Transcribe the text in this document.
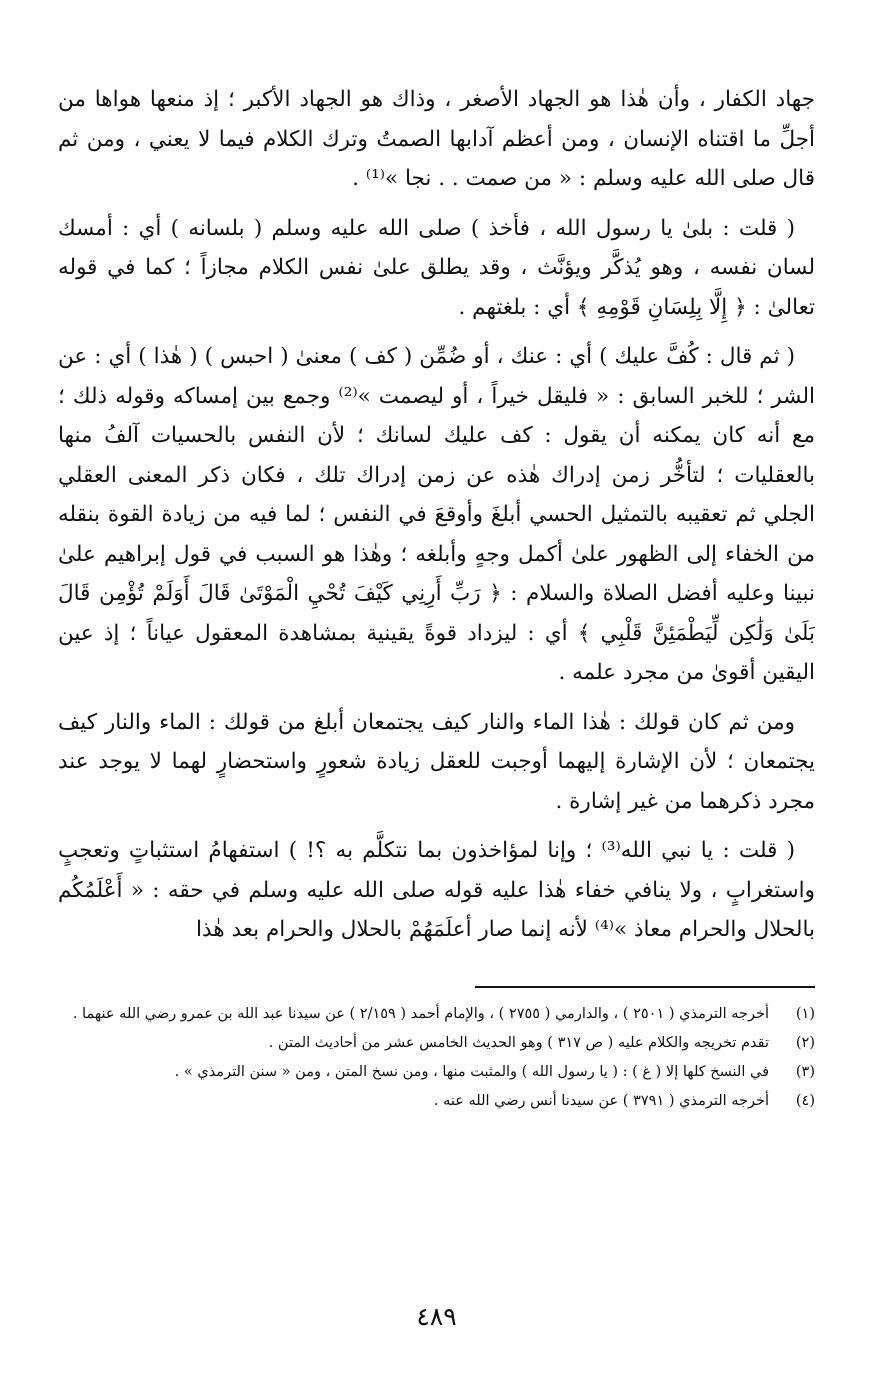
جهاد الكفار ، وأن هٰذا هو الجهاد الأصغر ، وذاك هو الجهاد الأكبر ؛ إذ منعها هواها من أجلِّ ما اقتناه الإنسان ، ومن أعظم آدابها الصمتُ وترك الكلام فيما لا يعني ، ومن ثم قال صلى الله عليه وسلم : « من صمت . . نجا »⁽¹⁾ .

( قلت : بلىٰ يا رسول الله ، فأخذ ) صلى الله عليه وسلم ( بلسانه ) أي : أمسك لسان نفسه ، وهو يُذكَّر ويؤنَّث ، وقد يطلق علىٰ نفس الكلام مجازاً ؛ كما في قوله تعالىٰ : ﴿ إِلَّا بِلِسَانِ قَوْمِهِ ﴾ أي : بلغتهم .

( ثم قال : كُفَّ عليك ) أي : عنك ، أو ضُمِّن ( كف ) معنىٰ ( احبس ) ( هٰذا ) أي : عن الشر ؛ للخبر السابق : « فليقل خيراً ، أو ليصمت »⁽²⁾ وجمع بين إمساكه وقوله ذلك ؛ مع أنه كان يمكنه أن يقول : كف عليك لسانك ؛ لأن النفس بالحسيات آلفُ منها بالعقليات ؛ لتأخُّر زمن إدراك هٰذه عن زمن إدراك تلك ، فكان ذكر المعنى العقلي الجلي ثم تعقيبه بالتمثيل الحسي أبلغَ وأوقعَ في النفس ؛ لما فيه من زيادة القوة بنقله من الخفاء إلى الظهور علىٰ أكمل وجهٍ وأبلغه ؛ وهٰذا هو السبب في قول إبراهيم علىٰ نبينا وعليه أفضل الصلاة والسلام : ﴿ رَبِّ أَرِنِي كَيْفَ تُحْيِ الْمَوْتَىٰ قَالَ أَوَلَمْ تُؤْمِن قَالَ بَلَىٰ وَلَٰكِن لِّيَطْمَئِنَّ قَلْبِي ﴾ أي : ليزداد قوةً يقينية بمشاهدة المعقول عياناً ؛ إذ عين اليقين أقوىٰ من مجرد علمه .

ومن ثم كان قولك : هٰذا الماء والنار كيف يجتمعان أبلغ من قولك : الماء والنار كيف يجتمعان ؛ لأن الإشارة إليهما أوجبت للعقل زيادة شعورٍ واستحضارٍ لهما لا يوجد عند مجرد ذكرهما من غير إشارة .

( قلت : يا نبي الله⁽³⁾ ؛ وإنا لمؤاخذون بما نتكلَّم به ؟! ) استفهامُ استثباتٍ وتعجبٍ واستغرابٍ ، ولا ينافي خفاء هٰذا عليه قوله صلى الله عليه وسلم في حقه : « أَعْلَمُكُم بالحلال والحرام معاذ »⁽⁴⁾ لأنه إنما صار أعلَمَهُمْ بالحلال والحرام بعد هٰذا

(١)
أخرجه الترمذي ( ٢٥٠١ ) ، والدارمي ( ٢٧٥٥ ) ، والإمام أحمد ( ٢/١٥٩ ) عن سيدنا عبد الله بن عمرو رضي الله عنهما .
(٢)
تقدم تخريجه والكلام عليه ( ص ٣١٧ ) وهو الحديث الخامس عشر من أحاديث المتن .
(٣)
في النسخ كلها إلا ( غ ) : ( يا رسول الله ) والمثبت منها ، ومن نسخ المتن ، ومن « سنن الترمذي » .
(٤)
أخرجه الترمذي ( ٣٧٩١ ) عن سيدنا أنس رضي الله عنه .
٤٨٩
